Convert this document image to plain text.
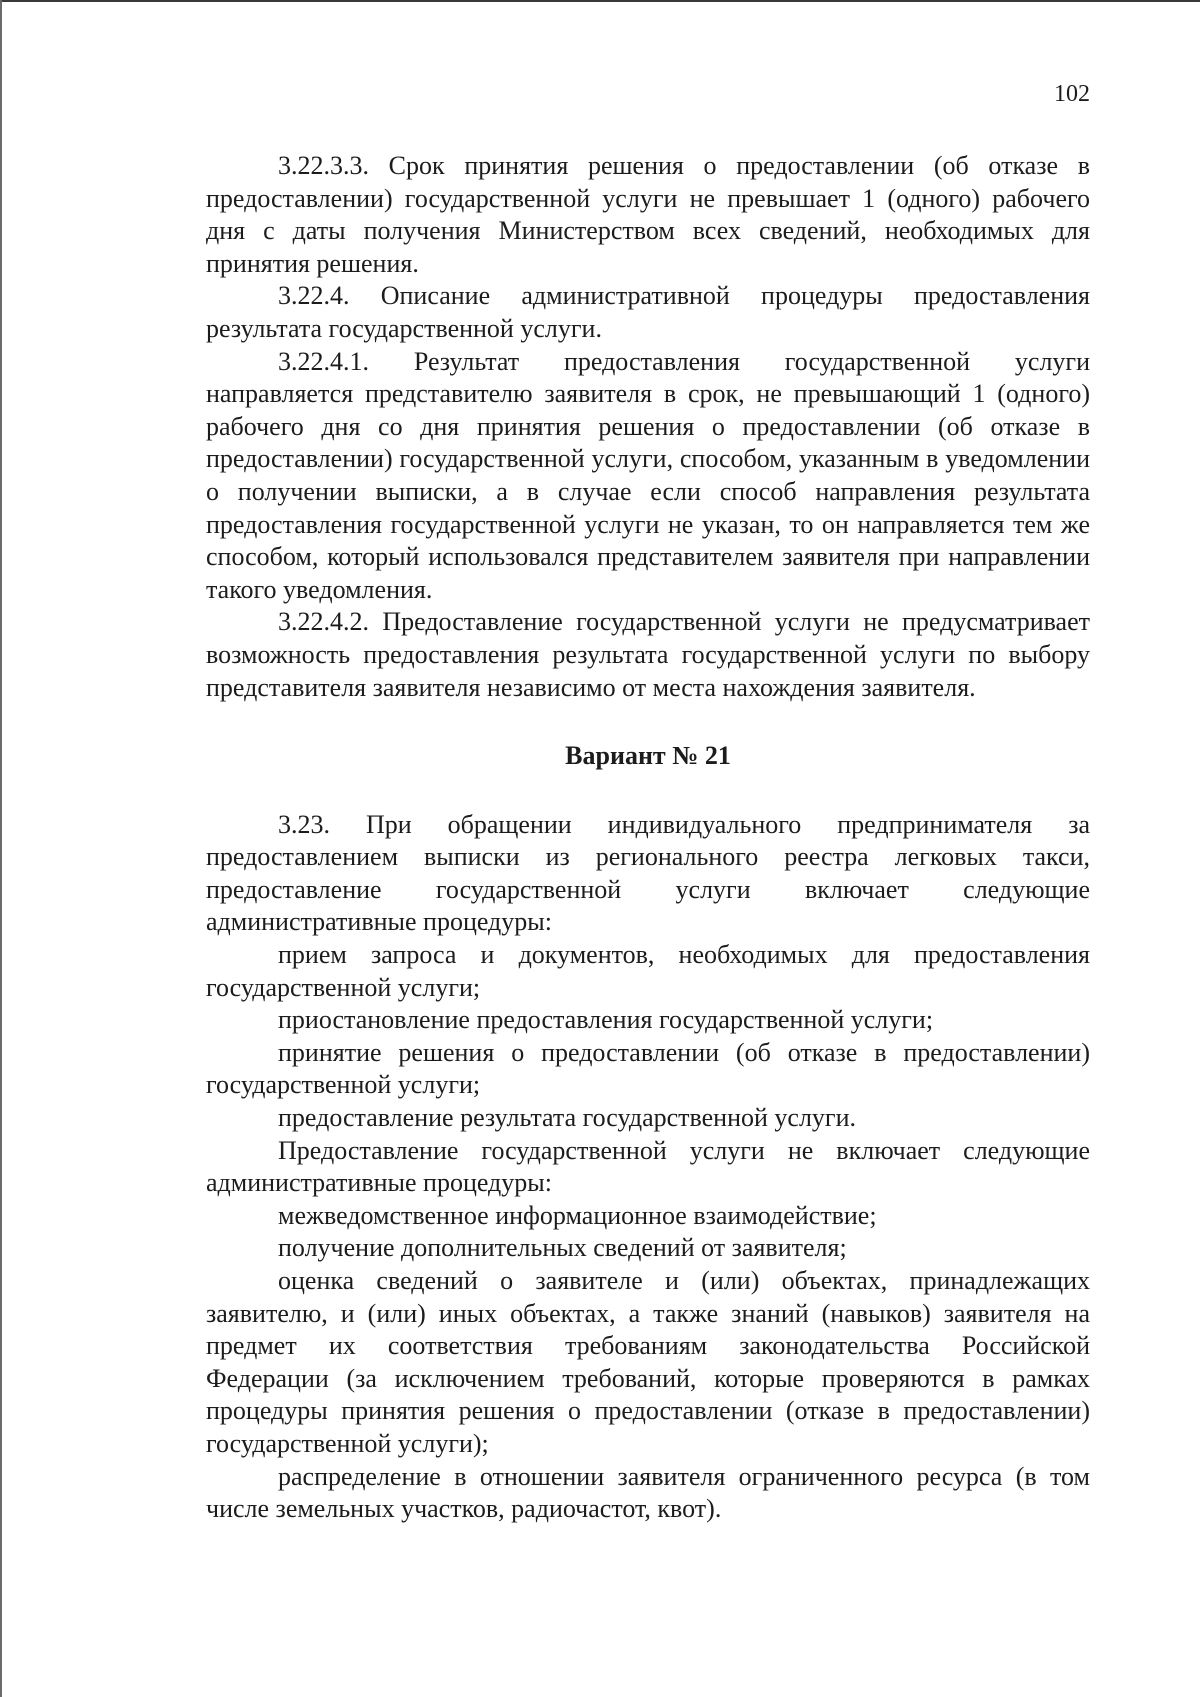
102

3.22.3.3. Срок принятия решения о предоставлении (об отказе в предоставлении) государственной услуги не превышает 1 (одного) рабочего дня с даты получения Министерством всех сведений, необходимых для принятия решения.

3.22.4. Описание административной процедуры предоставления результата государственной услуги.

3.22.4.1. Результат предоставления государственной услуги направляется представителю заявителя в срок, не превышающий 1 (одного) рабочего дня со дня принятия решения о предоставлении (об отказе в предоставлении) государственной услуги, способом, указанным в уведомлении о получении выписки, а в случае если способ направления результата предоставления государственной услуги не указан, то он направляется тем же способом, который использовался представителем заявителя при направлении такого уведомления.

3.22.4.2. Предоставление государственной услуги не предусматривает возможность предоставления результата государственной услуги по выбору представителя заявителя независимо от места нахождения заявителя.

Вариант № 21

3.23. При обращении индивидуального предпринимателя за предоставлением выписки из регионального реестра легковых такси, предоставление государственной услуги включает следующие административные процедуры:

прием запроса и документов, необходимых для предоставления государственной услуги;

приостановление предоставления государственной услуги;

принятие решения о предоставлении (об отказе в предоставлении) государственной услуги;

предоставление результата государственной услуги.

Предоставление государственной услуги не включает следующие административные процедуры:

межведомственное информационное взаимодействие;

получение дополнительных сведений от заявителя;

оценка сведений о заявителе и (или) объектах, принадлежащих заявителю, и (или) иных объектах, а также знаний (навыков) заявителя на предмет их соответствия требованиям законодательства Российской Федерации (за исключением требований, которые проверяются в рамках процедуры принятия решения о предоставлении (отказе в предоставлении) государственной услуги);

распределение в отношении заявителя ограниченного ресурса (в том числе земельных участков, радиочастот, квот).
